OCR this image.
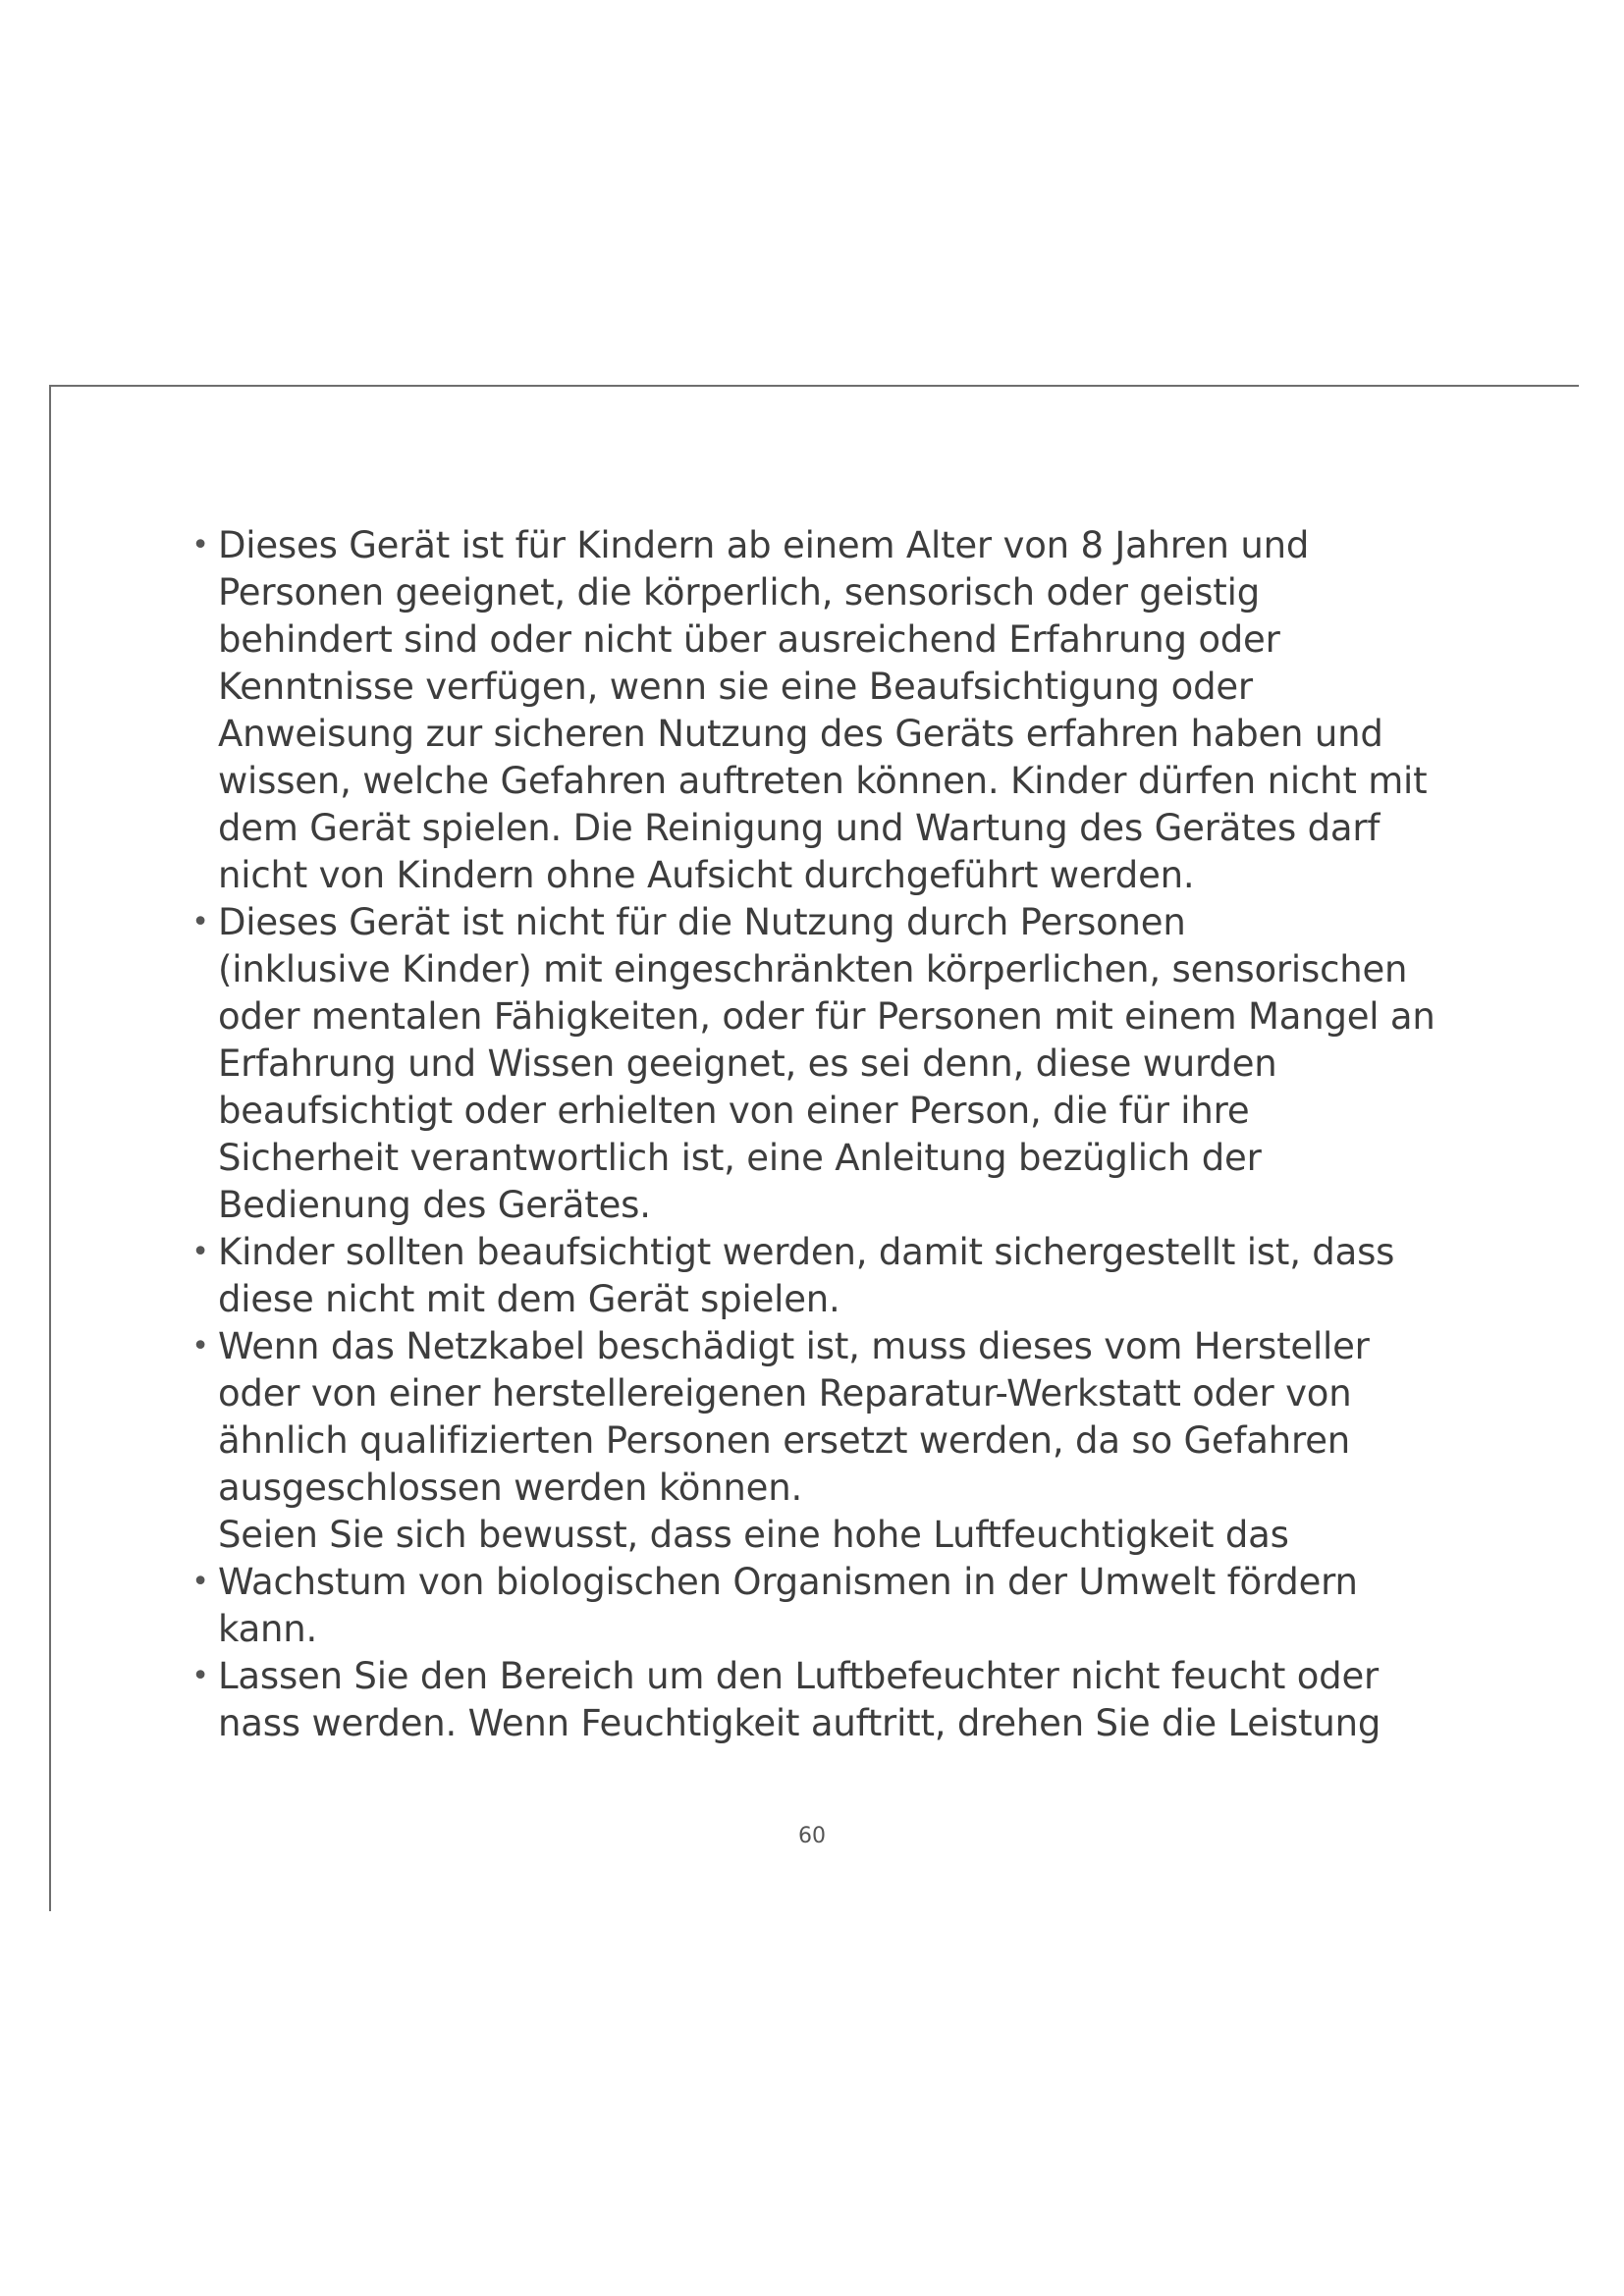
• Dieses Gerät ist für Kindern ab einem Alter von 8 Jahren und
Personen geeignet, die körperlich, sensorisch oder geistig
behindert sind oder nicht über ausreichend Erfahrung oder
Kenntnisse verfügen, wenn sie eine Beaufsichtigung oder
Anweisung zur sicheren Nutzung des Geräts erfahren haben und
wissen, welche Gefahren auftreten können. Kinder dürfen nicht mit
dem Gerät spielen. Die Reinigung und Wartung des Gerätes darf
nicht von Kindern ohne Aufsicht durchgeführt werden.
• Dieses Gerät ist nicht für die Nutzung durch Personen
(inklusive Kinder) mit eingeschränkten körperlichen, sensorischen
oder mentalen Fähigkeiten, oder für Personen mit einem Mangel an
Erfahrung und Wissen geeignet, es sei denn, diese wurden
beaufsichtigt oder erhielten von einer Person, die für ihre
Sicherheit verantwortlich ist, eine Anleitung bezüglich der
Bedienung des Gerätes.
• Kinder sollten beaufsichtigt werden, damit sichergestellt ist, dass
diese nicht mit dem Gerät spielen.
• Wenn das Netzkabel beschädigt ist, muss dieses vom Hersteller
oder von einer herstellereigenen Reparatur-Werkstatt oder von
ähnlich qualifizierten Personen ersetzt werden, da so Gefahren
ausgeschlossen werden können.
Seien Sie sich bewusst, dass eine hohe Luftfeuchtigkeit das
• Wachstum von biologischen Organismen in der Umwelt fördern
kann.
• Lassen Sie den Bereich um den Luftbefeuchter nicht feucht oder
nass werden. Wenn Feuchtigkeit auftritt, drehen Sie die Leistung
60
